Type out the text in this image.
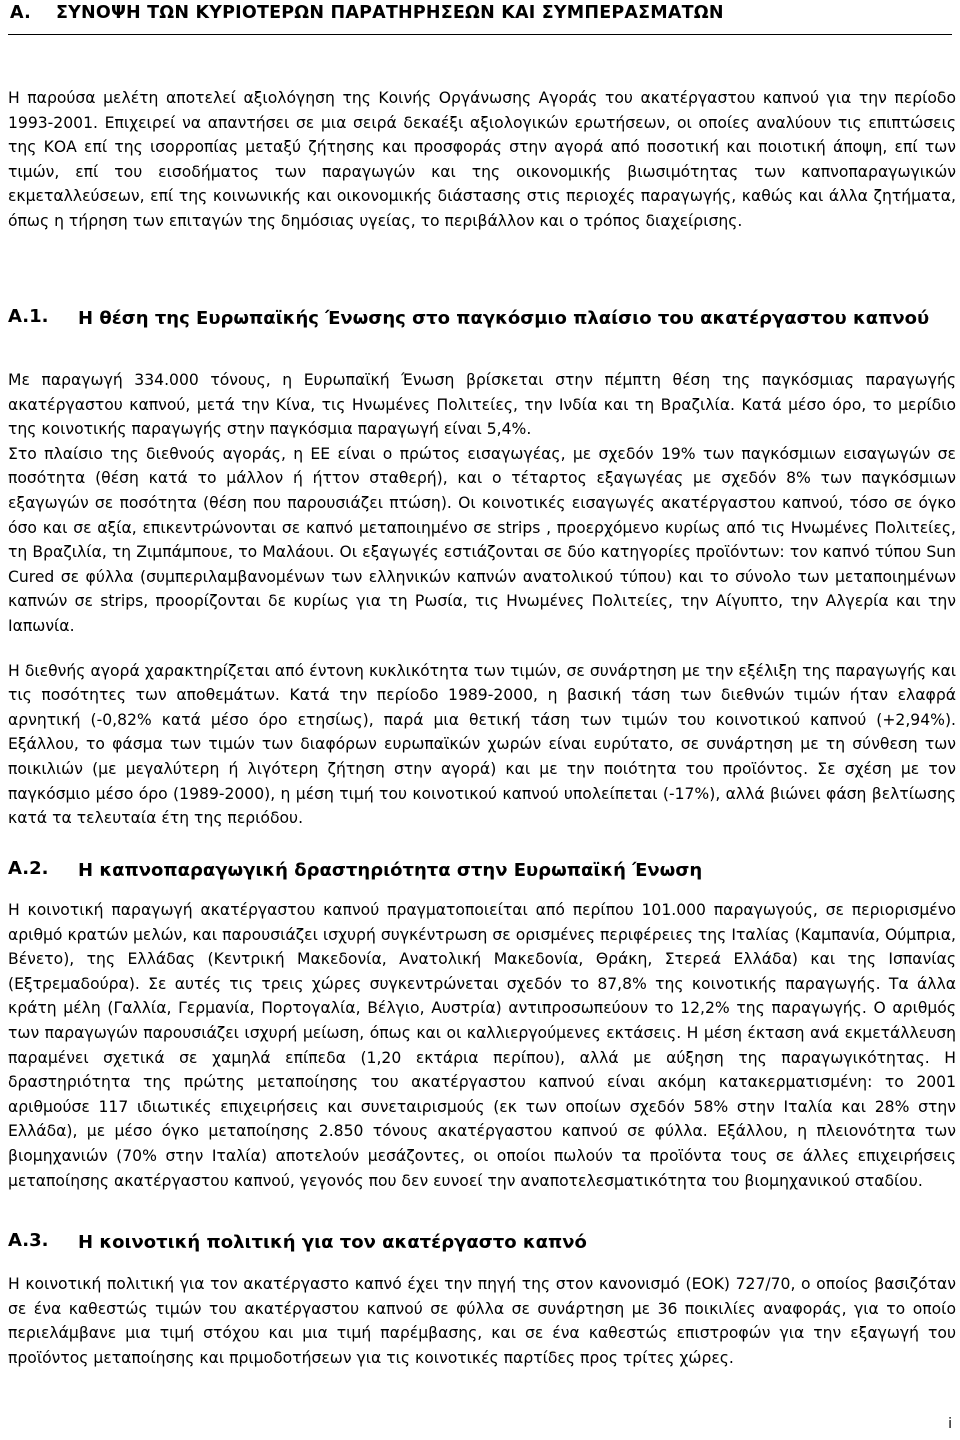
A. ΣΥΝΟΨΗ ΤΩΝ ΚΥΡΙΟΤΕΡΩΝ ΠΑΡΑΤΗΡΗΣΕΩΝ ΚΑΙ ΣΥΜΠΕΡΑΣΜΑΤΩΝ

Η παρούσα μελέτη αποτελεί αξιολόγηση της Κοινής Οργάνωσης Αγοράς του ακατέργαστου καπνού για την περίοδο 1993-2001. Επιχειρεί να απαντήσει σε μια σειρά δεκαέξι αξιολογικών ερωτήσεων, οι οποίες αναλύουν τις επιπτώσεις της ΚΟΑ επί της ισορροπίας μεταξύ ζήτησης και προσφοράς στην αγορά από ποσοτική και ποιοτική άποψη, επί των τιμών, επί του εισοδήματος των παραγωγών και της οικονομικής βιωσιμότητας των καπνοπαραγωγικών εκμεταλλεύσεων, επί της κοινωνικής και οικονομικής διάστασης στις περιοχές παραγωγής, καθώς και άλλα ζητήματα, όπως η τήρηση των επιταγών της δημόσιας υγείας, το περιβάλλον και ο τρόπος διαχείρισης.

A.1. Η θέση της Ευρωπαϊκής Ένωσης στο παγκόσμιο πλαίσιο του ακατέργαστου καπνού

Με παραγωγή 334.000 τόνους, η Ευρωπαϊκή Ένωση βρίσκεται στην πέμπτη θέση της παγκόσμιας παραγωγής ακατέργαστου καπνού, μετά την Κίνα, τις Ηνωμένες Πολιτείες, την Ινδία και τη Βραζιλία. Κατά μέσο όρο, το μερίδιο της κοινοτικής παραγωγής στην παγκόσμια παραγωγή είναι 5,4%.

Στο πλαίσιο της διεθνούς αγοράς, η ΕΕ είναι ο πρώτος εισαγωγέας, με σχεδόν 19% των παγκόσμιων εισαγωγών σε ποσότητα (θέση κατά το μάλλον ή ήττον σταθερή), και ο τέταρτος εξαγωγέας με σχεδόν 8% των παγκόσμιων εξαγωγών σε ποσότητα (θέση που παρουσιάζει πτώση). Οι κοινοτικές εισαγωγές ακατέργαστου καπνού, τόσο σε όγκο όσο και σε αξία, επικεντρώνονται σε καπνό μεταποιημένο σε strips , προερχόμενο κυρίως από τις Ηνωμένες Πολιτείες, τη Βραζιλία, τη Ζιμπάμπουε, το Μαλάουι. Οι εξαγωγές εστιάζονται σε δύο κατηγορίες προϊόντων: τον καπνό τύπου Sun Cured σε φύλλα (συμπεριλαμβανομένων των ελληνικών καπνών ανατολικού τύπου) και το σύνολο των μεταποιημένων καπνών σε strips, προορίζονται δε κυρίως για τη Ρωσία, τις Ηνωμένες Πολιτείες, την Αίγυπτο, την Αλγερία και την Ιαπωνία.

Η διεθνής αγορά χαρακτηρίζεται από έντονη κυκλικότητα των τιμών, σε συνάρτηση με την εξέλιξη της παραγωγής και τις ποσότητες των αποθεμάτων. Κατά την περίοδο 1989-2000, η βασική τάση των διεθνών τιμών ήταν ελαφρά αρνητική (-0,82% κατά μέσο όρο ετησίως), παρά μια θετική τάση των τιμών του κοινοτικού καπνού (+2,94%). Εξάλλου, το φάσμα των τιμών των διαφόρων ευρωπαϊκών χωρών είναι ευρύτατο, σε συνάρτηση με τη σύνθεση των ποικιλιών (με μεγαλύτερη ή λιγότερη ζήτηση στην αγορά) και με την ποιότητα του προϊόντος. Σε σχέση με τον παγκόσμιο μέσο όρο (1989-2000), η μέση τιμή του κοινοτικού καπνού υπολείπεται (-17%), αλλά βιώνει φάση βελτίωσης κατά τα τελευταία έτη της περιόδου.

A.2. Η καπνοπαραγωγική δραστηριότητα στην Ευρωπαϊκή Ένωση

Η κοινοτική παραγωγή ακατέργαστου καπνού πραγματοποιείται από περίπου 101.000 παραγωγούς, σε περιορισμένο αριθμό κρατών μελών, και παρουσιάζει ισχυρή συγκέντρωση σε ορισμένες περιφέρειες της Ιταλίας (Καμπανία, Ούμπρια, Βένετο), της Ελλάδας (Κεντρική Μακεδονία, Ανατολική Μακεδονία, Θράκη, Στερεά Ελλάδα) και της Ισπανίας (Εξτρεμαδούρα). Σε αυτές τις τρεις χώρες συγκεντρώνεται σχεδόν το 87,8% της κοινοτικής παραγωγής. Τα άλλα κράτη μέλη (Γαλλία, Γερμανία, Πορτογαλία, Βέλγιο, Αυστρία) αντιπροσωπεύουν το 12,2% της παραγωγής. Ο αριθμός των παραγωγών παρουσιάζει ισχυρή μείωση, όπως και οι καλλιεργούμενες εκτάσεις. Η μέση έκταση ανά εκμετάλλευση παραμένει σχετικά σε χαμηλά επίπεδα (1,20 εκτάρια περίπου), αλλά με αύξηση της παραγωγικότητας. Η δραστηριότητα της πρώτης μεταποίησης του ακατέργαστου καπνού είναι ακόμη κατακερματισμένη: το 2001 αριθμούσε 117 ιδιωτικές επιχειρήσεις και συνεταιρισμούς (εκ των οποίων σχεδόν 58% στην Ιταλία και 28% στην Ελλάδα), με μέσο όγκο μεταποίησης 2.850 τόνους ακατέργαστου καπνού σε φύλλα. Εξάλλου, η πλειονότητα των βιομηχανιών (70% στην Ιταλία) αποτελούν μεσάζοντες, οι οποίοι πωλούν τα προϊόντα τους σε άλλες επιχειρήσεις μεταποίησης ακατέργαστου καπνού, γεγονός που δεν ευνοεί την αναποτελεσματικότητα του βιομηχανικού σταδίου.

A.3. Η κοινοτική πολιτική για τον ακατέργαστο καπνό

Η κοινοτική πολιτική για τον ακατέργαστο καπνό έχει την πηγή της στον κανονισμό (ΕΟΚ) 727/70, ο οποίος βασιζόταν σε ένα καθεστώς τιμών του ακατέργαστου καπνού σε φύλλα σε συνάρτηση με 36 ποικιλίες αναφοράς, για το οποίο περιελάμβανε μια τιμή στόχου και μια τιμή παρέμβασης, και σε ένα καθεστώς επιστροφών για την εξαγωγή του προϊόντος μεταποίησης και πριμοδοτήσεων για τις κοινοτικές παρτίδες προς τρίτες χώρες.

i
